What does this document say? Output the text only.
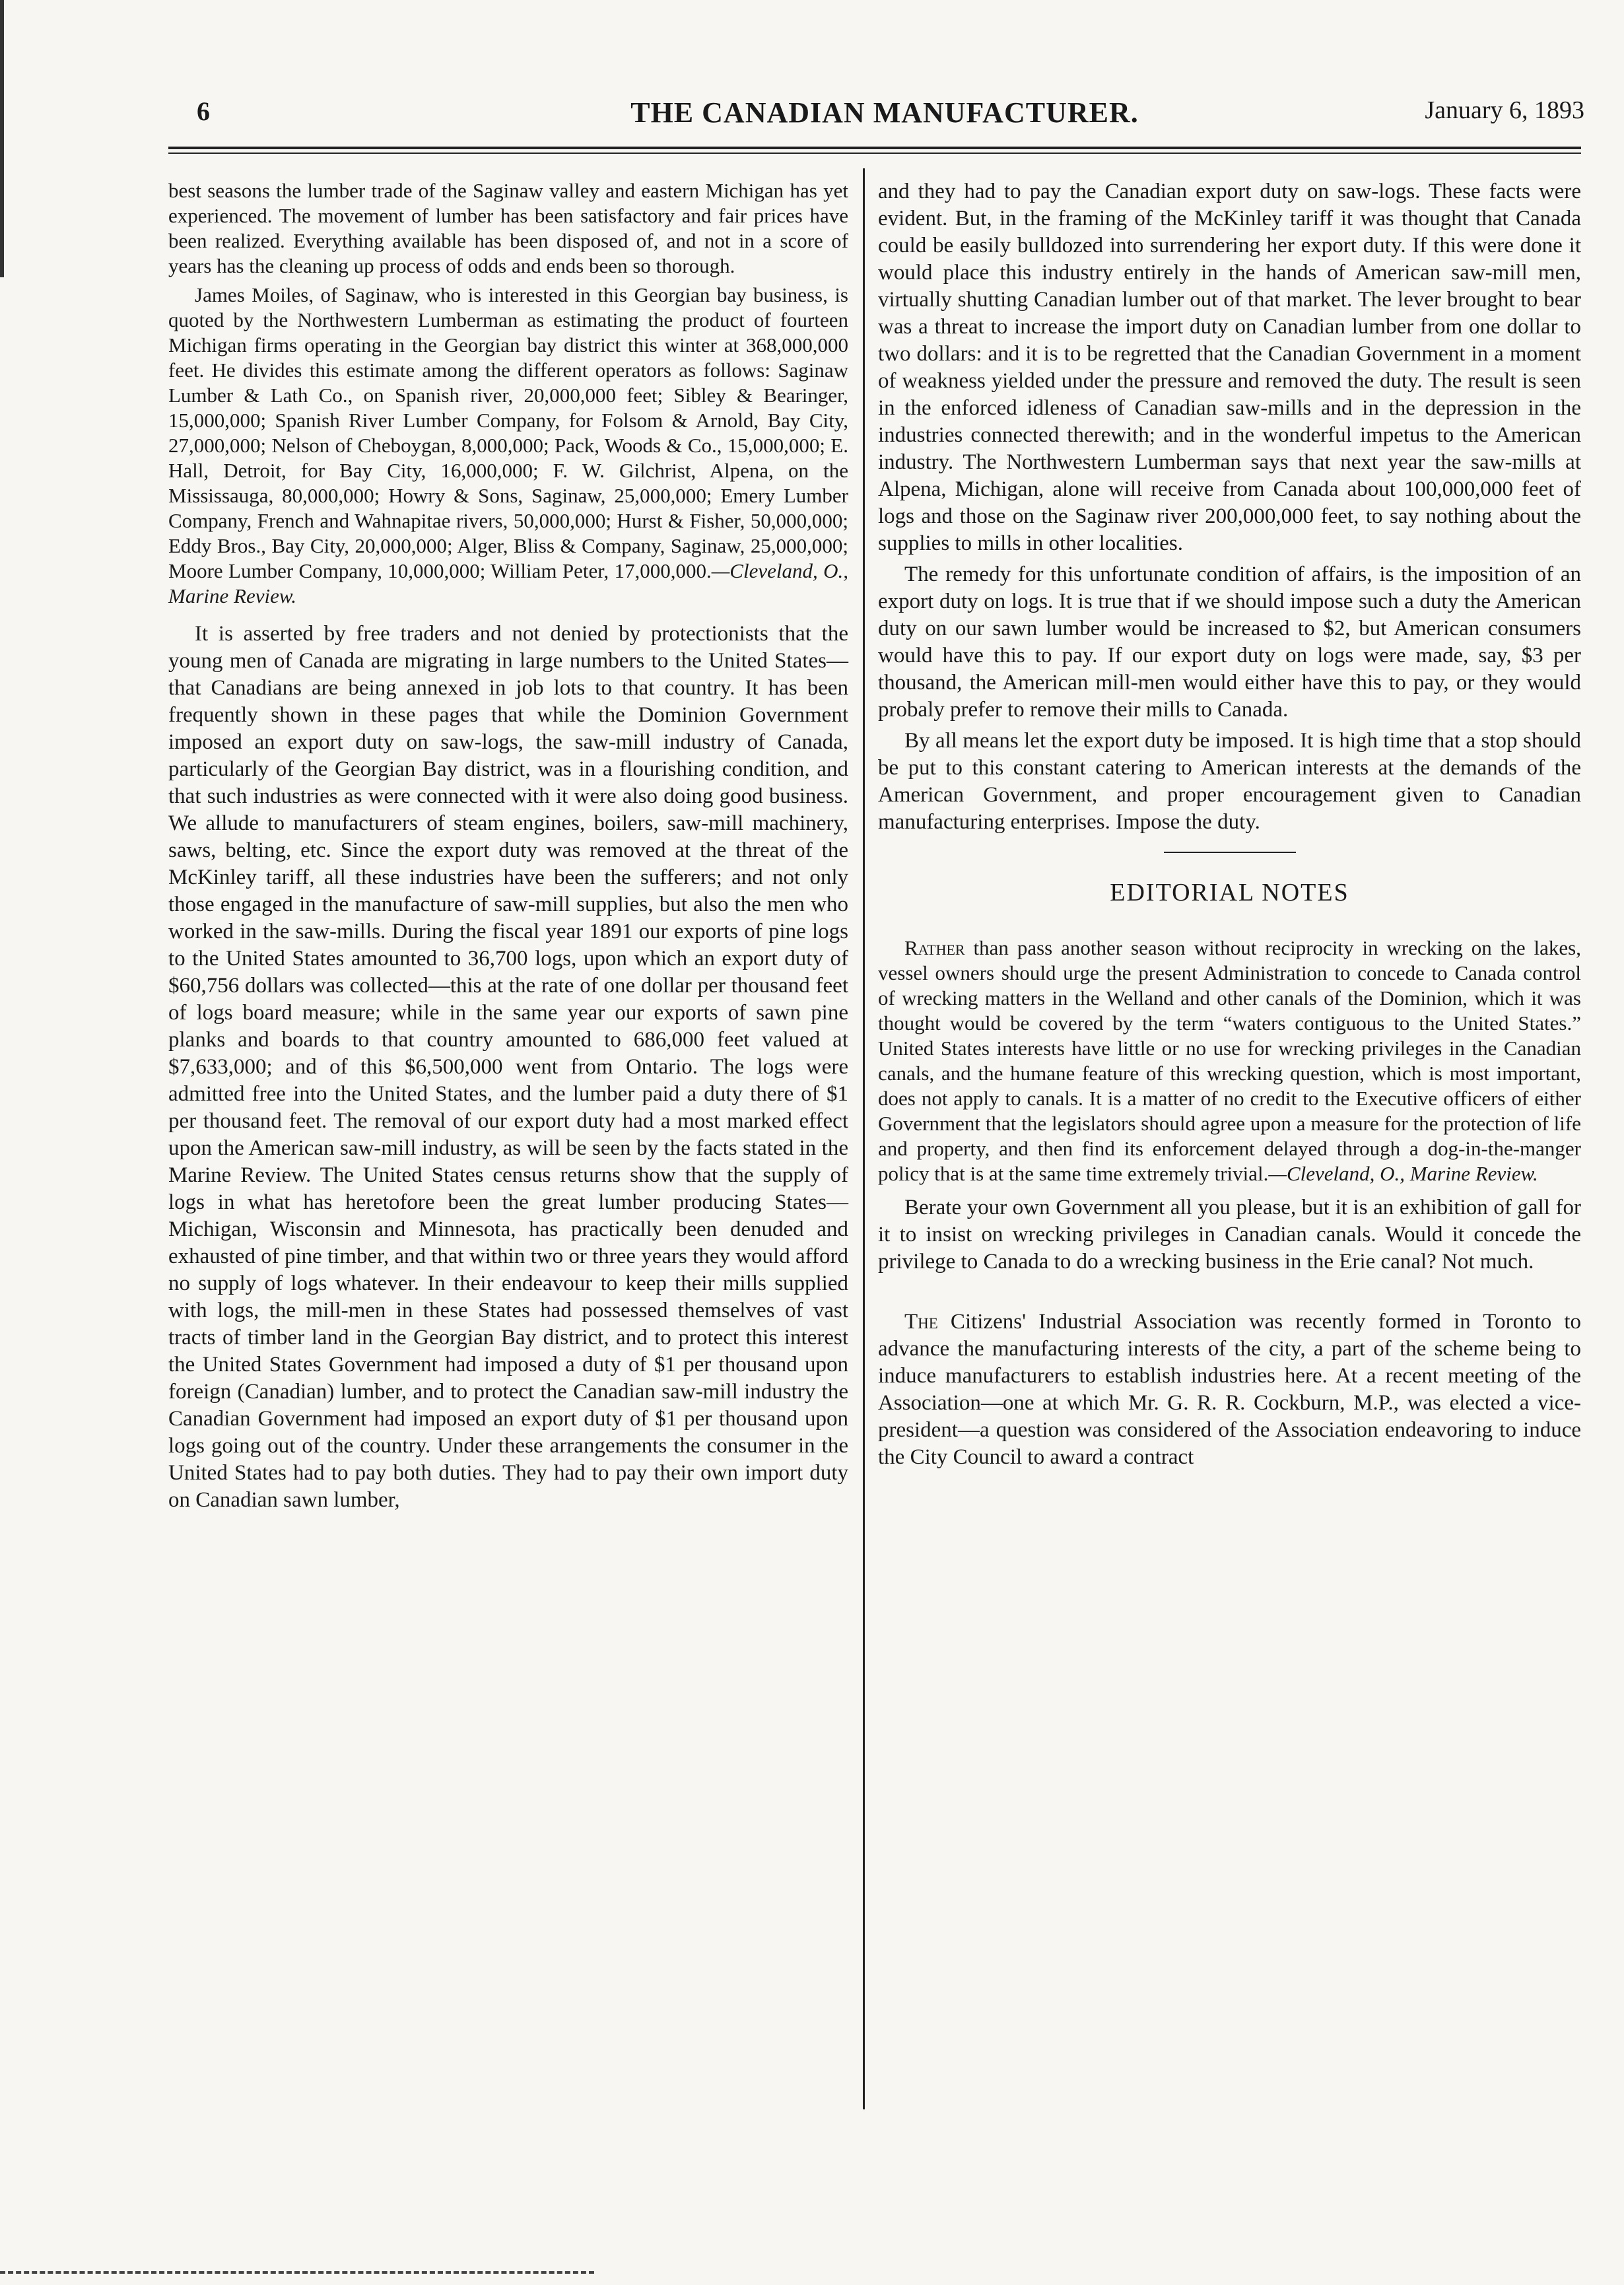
6	THE CANADIAN MANUFACTURER.	January 6, 1893

best seasons the lumber trade of the Saginaw valley and eastern Michigan has yet experienced. The movement of lumber has been satisfactory and fair prices have been realized. Everything available has been disposed of, and not in a score of years has the cleaning up process of odds and ends been so thorough.

James Moiles, of Saginaw, who is interested in this Georgian bay business, is quoted by the Northwestern Lumberman as estimating the product of fourteen Michigan firms operating in the Georgian bay district this winter at 368,000,000 feet. He divides this estimate among the different operators as follows: Saginaw Lumber & Lath Co., on Spanish river, 20,000,000 feet; Sibley & Bearinger, 15,000,000; Spanish River Lumber Company, for Folsom & Arnold, Bay City, 27,000,000; Nelson of Cheboygan, 8,000,000; Pack, Woods & Co., 15,000,000; E. Hall, Detroit, for Bay City, 16,000,000; F. W. Gilchrist, Alpena, on the Mississauga, 80,000,000; Howry & Sons, Saginaw, 25,000,000; Emery Lumber Company, French and Wahnapitae rivers, 50,000,000; Hurst & Fisher, 50,000,000; Eddy Bros., Bay City, 20,000,000; Alger, Bliss & Company, Saginaw, 25,000,000; Moore Lumber Company, 10,000,000; William Peter, 17,000,000.—Cleveland, O., Marine Review.

It is asserted by free traders and not denied by protectionists that the young men of Canada are migrating in large numbers to the United States—that Canadians are being annexed in job lots to that country. It has been frequently shown in these pages that while the Dominion Government imposed an export duty on saw-logs, the saw-mill industry of Canada, particularly of the Georgian Bay district, was in a flourishing condition, and that such industries as were connected with it were also doing good business. We allude to manufacturers of steam engines, boilers, saw-mill machinery, saws, belting, etc. Since the export duty was removed at the threat of the McKinley tariff, all these industries have been the sufferers; and not only those engaged in the manufacture of saw-mill supplies, but also the men who worked in the saw-mills. During the fiscal year 1891 our exports of pine logs to the United States amounted to 36,700 logs, upon which an export duty of $60,756 dollars was collected—this at the rate of one dollar per thousand feet of logs board measure; while in the same year our exports of sawn pine planks and boards to that country amounted to 686,000 feet valued at $7,633,000; and of this $6,500,000 went from Ontario. The logs were admitted free into the United States, and the lumber paid a duty there of $1 per thousand feet. The removal of our export duty had a most marked effect upon the American saw-mill industry, as will be seen by the facts stated in the Marine Review. The United States census returns show that the supply of logs in what has heretofore been the great lumber producing States—Michigan, Wisconsin and Minnesota, has practically been denuded and exhausted of pine timber, and that within two or three years they would afford no supply of logs whatever. In their endeavour to keep their mills supplied with logs, the mill-men in these States had possessed themselves of vast tracts of timber land in the Georgian Bay district, and to protect this interest the United States Government had imposed a duty of $1 per thousand upon foreign (Canadian) lumber, and to protect the Canadian saw-mill industry the Canadian Government had imposed an export duty of $1 per thousand upon logs going out of the country. Under these arrangements the consumer in the United States had to pay both duties. They had to pay their own import duty on Canadian sawn lumber,

and they had to pay the Canadian export duty on saw-logs. These facts were evident. But, in the framing of the McKinley tariff it was thought that Canada could be easily bulldozed into surrendering her export duty. If this were done it would place this industry entirely in the hands of American saw-mill men, virtually shutting Canadian lumber out of that market. The lever brought to bear was a threat to increase the import duty on Canadian lumber from one dollar to two dollars: and it is to be regretted that the Canadian Government in a moment of weakness yielded under the pressure and removed the duty. The result is seen in the enforced idleness of Canadian saw-mills and in the depression in the industries connected therewith; and in the wonderful impetus to the American industry. The Northwestern Lumberman says that next year the saw-mills at Alpena, Michigan, alone will receive from Canada about 100,000,000 feet of logs and those on the Saginaw river 200,000,000 feet, to say nothing about the supplies to mills in other localities.

The remedy for this unfortunate condition of affairs, is the imposition of an export duty on logs. It is true that if we should impose such a duty the American duty on our sawn lumber would be increased to $2, but American consumers would have this to pay. If our export duty on logs were made, say, $3 per thousand, the American mill-men would either have this to pay, or they would probaly prefer to remove their mills to Canada.

By all means let the export duty be imposed. It is high time that a stop should be put to this constant catering to American interests at the demands of the American Government, and proper encouragement given to Canadian manufacturing enterprises. Impose the duty.

EDITORIAL NOTES

Rather than pass another season without reciprocity in wrecking on the lakes, vessel owners should urge the present Administration to concede to Canada control of wrecking matters in the Welland and other canals of the Dominion, which it was thought would be covered by the term “waters contiguous to the United States.” United States interests have little or no use for wrecking privileges in the Canadian canals, and the humane feature of this wrecking question, which is most important, does not apply to canals. It is a matter of no credit to the Executive officers of either Government that the legislators should agree upon a measure for the protection of life and property, and then find its enforcement delayed through a dog-in-the-manger policy that is at the same time extremely trivial.—Cleveland, O., Marine Review.

Berate your own Government all you please, but it is an exhibition of gall for it to insist on wrecking privileges in Canadian canals. Would it concede the privilege to Canada to do a wrecking business in the Erie canal? Not much.

The Citizens' Industrial Association was recently formed in Toronto to advance the manufacturing interests of the city, a part of the scheme being to induce manufacturers to establish industries here. At a recent meeting of the Association—one at which Mr. G. R. R. Cockburn, M.P., was elected a vice-president—a question was considered of the Association endeavoring to induce the City Council to award a contract
